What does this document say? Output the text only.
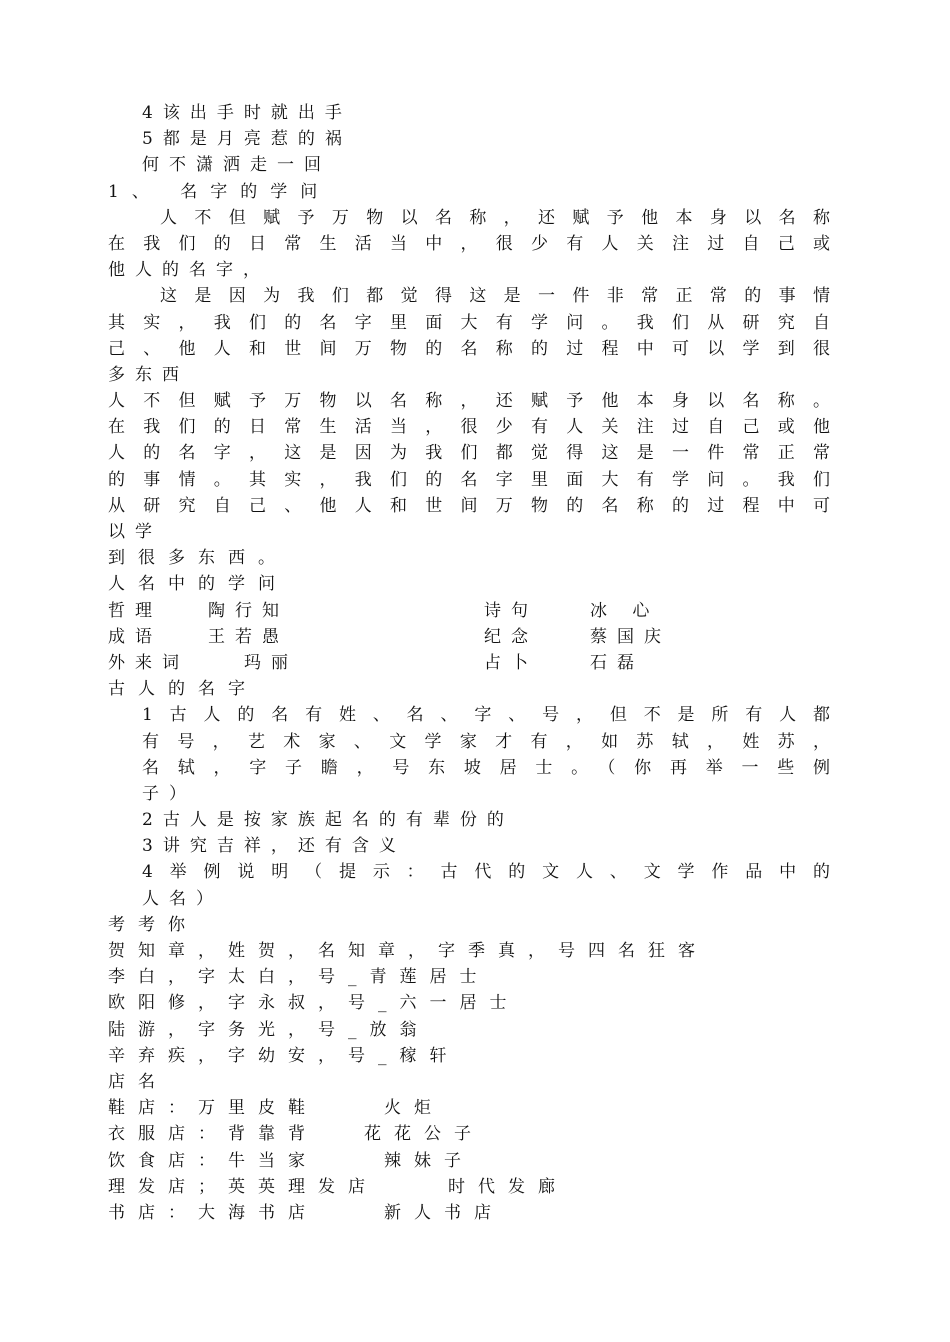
4该出手时就出手
5都是月亮惹的祸
何不潇洒走一回
1、 名字的学问
人不但赋予万物以名称，还赋予他本身以名称
在我们的日常生活当中，很少有人关注过自己或
他人的名字，
这是因为我们都觉得这是一件非常正常的事情
其实，我们的名字里面大有学问。我们从研究自
己、他人和世间万物的名称的过程中可以学到很
多东西
人不但赋予万物以名称，还赋予他本身以名称。
在我们的日常生活当，很少有人关注过自己或他
人的名字，这是因为我们都觉得这是一件常正常
的事情。其实，我们的名字里面大有学问。我们
从研究自己、他人和世间万物的名称的过程中可
以学
到很多东西。
人名中的学问
哲理	陶行知	诗句	冰 心
成语	王若愚	纪念	蔡国庆
外来词	玛丽	占卜	石磊
古人的名字
1古人的名有姓、名、字、号，但不是所有人都
有号，艺术家、文学家才有，如苏轼，姓苏，
名轼，字子瞻，号东坡居士。（你再举一些例
子）
2古人是按家族起名的有辈份的
3讲究吉祥，还有含义
4举例说明（提示：古代的文人、文学作品中的
人名）
考考你
贺知章，姓贺，名知章，字季真，号四名狂客
李白，字太白，号_青莲居士
欧阳修，字永叔，号_六一居士
陆游，字务光，号_放翁
辛弃疾，字幼安，号_稼轩
店名
鞋店：万里皮鞋	火炬
衣服店：背靠背	花花公子
饮食店：牛当家	辣妹子
理发店；英英理发店	时代发廊
书店：大海书店	新人书店
